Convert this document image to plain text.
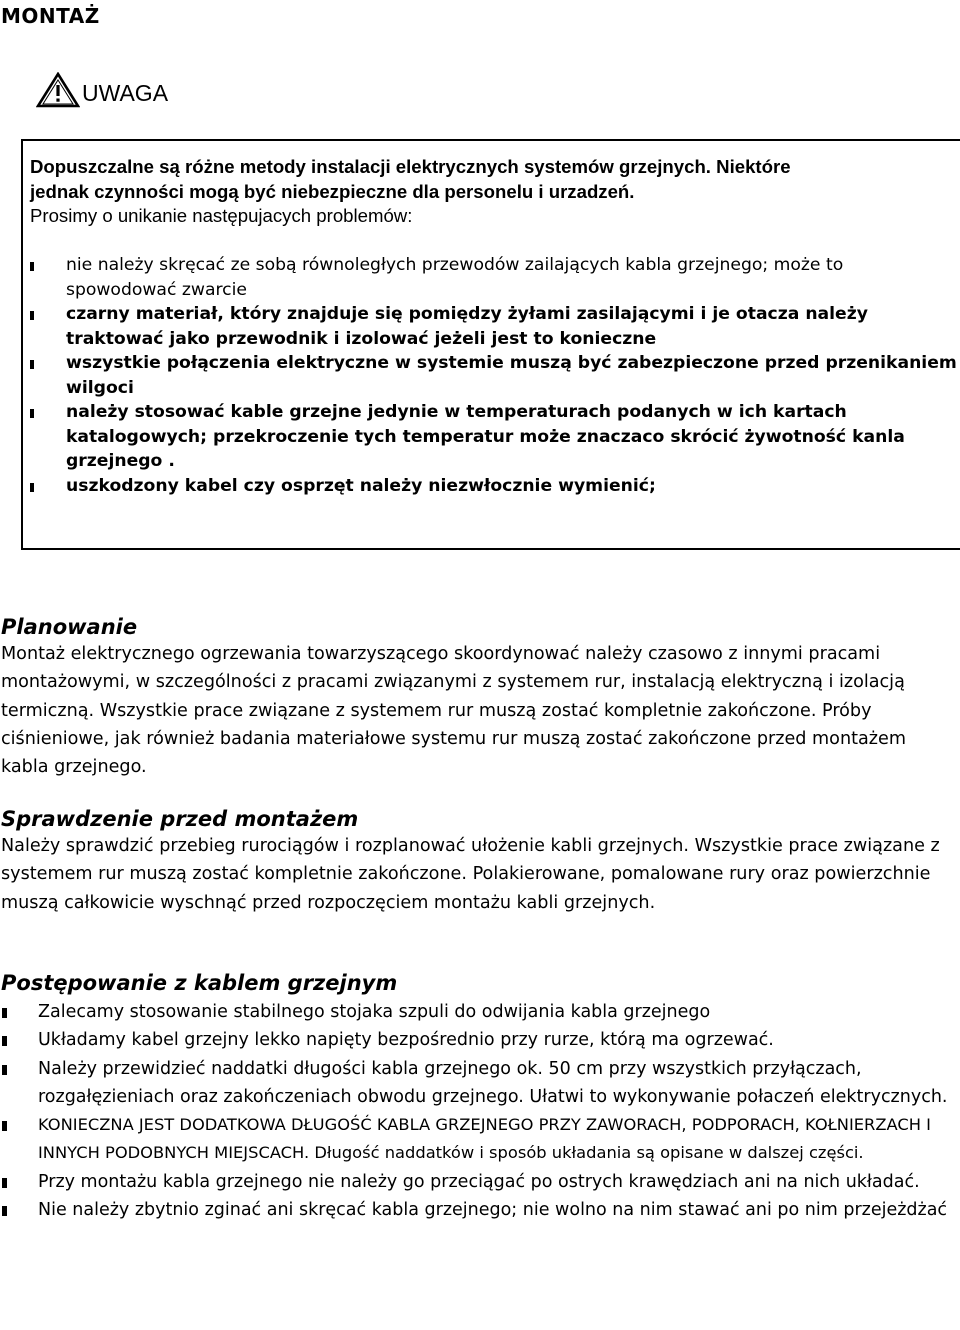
MONTAŻ
UWAGA
Dopuszczalne są różne metody instalacji elektrycznych systemów grzejnych. Niektóre
jednak czynności mogą być niebezpieczne dla personelu i urzadzeń.
Prosimy o unikanie następujacych problemów:
nie należy skręcać ze sobą równoległych przewodów zailających kabla grzejnego; może to spowodować zwarcie
czarny materiał, który znajduje się pomiędzy żyłami zasilającymi i je otacza należy traktować jako przewodnik i izolować jeżeli jest to konieczne
wszystkie połączenia elektryczne w systemie muszą być zabezpieczone przed przenikaniem wilgoci
należy stosować kable grzejne jedynie w temperaturach podanych w ich kartach katalogowych; przekroczenie tych temperatur może znaczaco skrócić żywotność kanla grzejnego .
uszkodzony kabel czy osprzęt należy niezwłocznie wymienić;
Planowanie

Montaż elektrycznego ogrzewania towarzyszącego skoordynować należy czasowo z innymi pracami montażowymi, w szczególności z pracami związanymi z systemem rur, instalacją elektryczną i izolacją termiczną. Wszystkie prace związane z systemem rur muszą zostać kompletnie zakończone. Próby ciśnieniowe, jak również badania materiałowe systemu rur muszą zostać zakończone przed montażem kabla grzejnego.

Sprawdzenie przed montażem

Należy sprawdzić przebieg rurociągów i rozplanować ułożenie kabli grzejnych. Wszystkie prace związane z systemem rur muszą zostać kompletnie zakończone. Polakierowane, pomalowane rury oraz powierzchnie muszą całkowicie wyschnąć przed rozpoczęciem montażu kabli grzejnych.

Postępowanie z kablem grzejnym
Zalecamy stosowanie stabilnego stojaka szpuli do odwijania kabla grzejnego
Układamy kabel grzejny lekko napięty bezpośrednio przy rurze, którą ma ogrzewać.
Należy przewidzieć naddatki długości kabla grzejnego ok. 50 cm przy wszystkich przyłączach, rozgałęzieniach oraz zakończeniach obwodu grzejnego. Ułatwi to wykonywanie połaczeń elektrycznych.
KONIECZNA JEST DODATKOWA DŁUGOŚĆ KABLA GRZEJNEGO PRZY ZAWORACH, PODPORACH, KOŁNIERZACH I INNYCH PODOBNYCH MIEJSCACH. Długość naddatków i sposób układania są opisane w dalszej części.
Przy montażu kabla grzejnego nie należy go przeciągać po ostrych krawędziach ani na nich układać.
Nie należy zbytnio zginać ani skręcać kabla grzejnego; nie wolno na nim stawać ani po nim przejeżdżać
